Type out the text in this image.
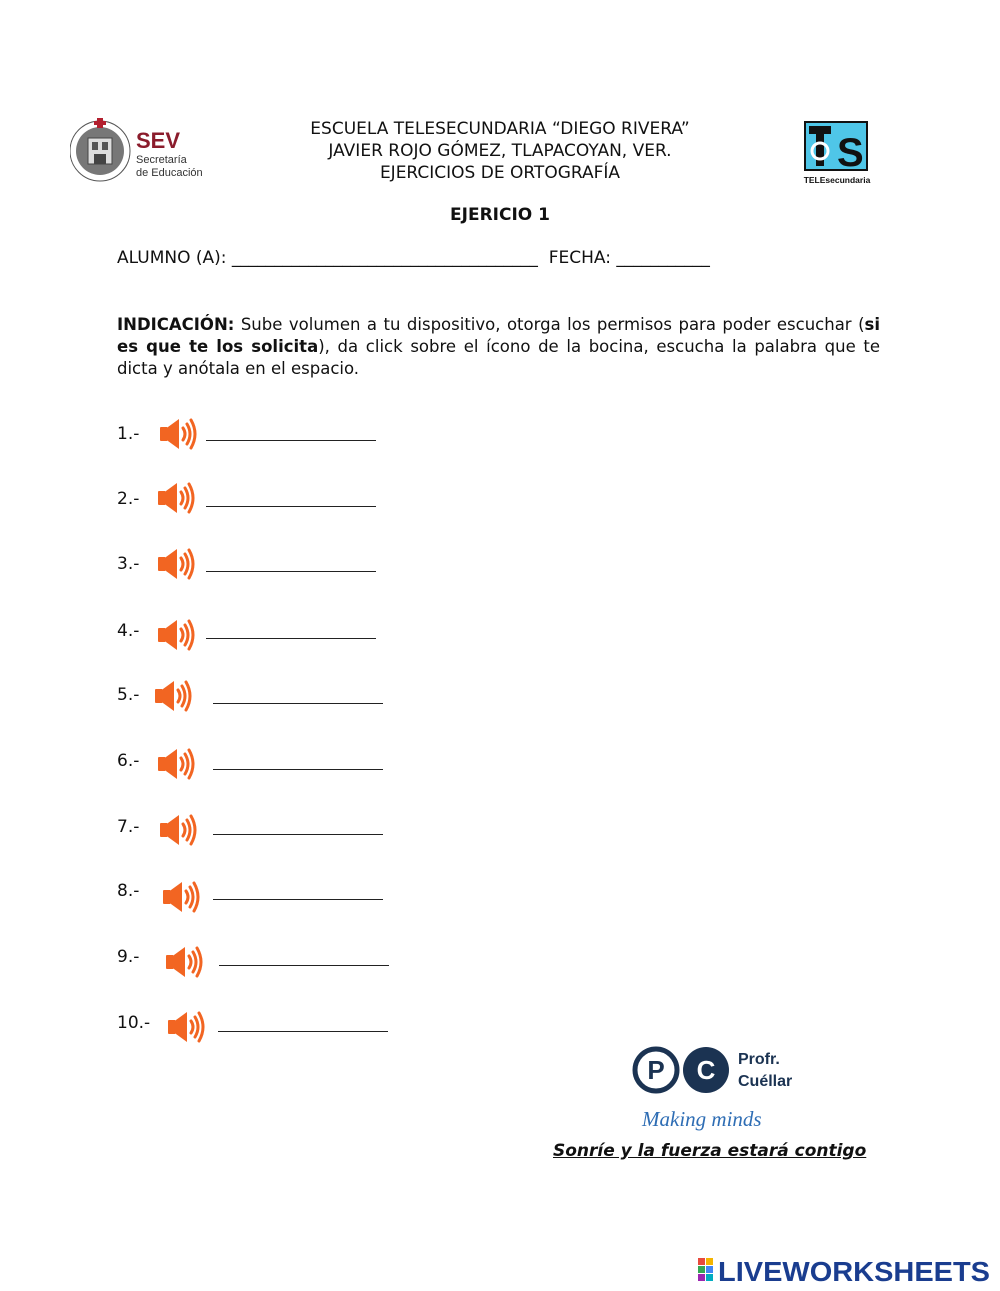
SEV
Secretaría
de Educación
ESCUELA TELESECUNDARIA “DIEGO RIVERA”
JAVIER ROJO GÓMEZ, TLAPACOYAN, VER.
EJERCICIOS DE ORTOGRAFÍA	S
TELEsecundaria
EJERICIO 1
ALUMNO (A): ____________________________________  FECHA: ___________
INDICACIÓN: Sube volumen a tu dispositivo, otorga los permisos para poder escuchar (si es que te los solicita), da click sobre el ícono de la bocina, escucha la palabra que te dicta y anótala en el espacio.
1.-
2.-
3.-
4.-
5.-
6.-
7.-
8.-
9.-
10.-
P C Profr.
Cuéllar
Making minds
Sonríe y la fuerza estará contigo
LIVEWORKSHEETS
